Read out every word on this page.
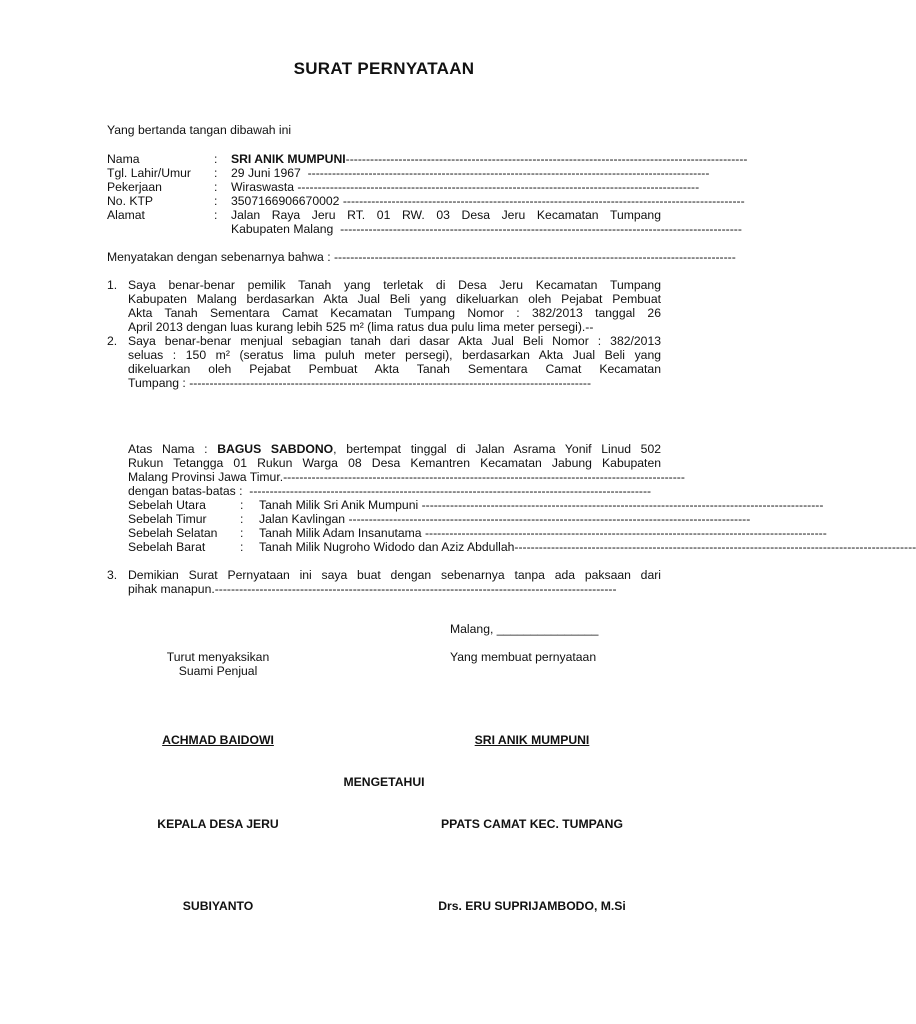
SURAT PERNYATAAN
Yang bertanda tangan dibawah ini
Nama	: SRI ANIK MUMPUNI---------------------------------------------------------------------------------------------------
Tgl. Lahir/Umur : 29 Juni 1967 ---------------------------------------------------------------------------------------------------
Pekerjaan	: Wiraswasta ---------------------------------------------------------------------------------------------------
No. KTP	: 3507166906670002 ---------------------------------------------------------------------------------------------------
Alamat	: Jalan Raya Jeru RT. 01 RW. 03 Desa Jeru Kecamatan Tumpang
Kabupaten Malang ---------------------------------------------------------------------------------------------------
Menyatakan dengan sebenarnya bahwa : ---------------------------------------------------------------------------------------------------
1. Saya benar-benar pemilik Tanah yang terletak di Desa Jeru Kecamatan Tumpang
Kabupaten Malang berdasarkan Akta Jual Beli yang dikeluarkan oleh Pejabat Pembuat
Akta Tanah Sementara Camat Kecamatan Tumpang Nomor : 382/2013 tanggal 26
April 2013 dengan luas kurang lebih 525 m² (lima ratus dua pulu lima meter persegi).--
2. Saya benar-benar menjual sebagian tanah dari dasar Akta Jual Beli Nomor : 382/2013
seluas : 150 m² (seratus lima puluh meter persegi), berdasarkan Akta Jual Beli yang
dikeluarkan oleh Pejabat Pembuat Akta Tanah Sementara Camat Kecamatan
Tumpang : ---------------------------------------------------------------------------------------------------
Atas Nama : BAGUS SABDONO, bertempat tinggal di Jalan Asrama Yonif Linud 502
Rukun Tetangga 01 Rukun Warga 08 Desa Kemantren Kecamatan Jabung Kabupaten
Malang Provinsi Jawa Timur.---------------------------------------------------------------------------------------------------
dengan batas-batas : ---------------------------------------------------------------------------------------------------
Sebelah Utara	: Tanah Milik Sri Anik Mumpuni ---------------------------------------------------------------------------------------------------
Sebelah Timur	: Jalan Kavlingan ---------------------------------------------------------------------------------------------------
Sebelah Selatan : Tanah Milik Adam Insanutama ---------------------------------------------------------------------------------------------------
Sebelah Barat	: Tanah Milik Nugroho Widodo dan Aziz Abdullah---------------------------------------------------------------------------------------------------
3. Demikian Surat Pernyataan ini saya buat dengan sebenarnya tanpa ada paksaan dari
pihak manapun.---------------------------------------------------------------------------------------------------
Malang, _______________
Turut menyaksikan
Suami Penjual
Yang membuat pernyataan
ACHMAD BAIDOWI	SRI ANIK MUMPUNI
MENGETAHUI
KEPALA DESA JERU	PPATS CAMAT KEC. TUMPANG
SUBIYANTO	Drs. ERU SUPRIJAMBODO, M.Si
